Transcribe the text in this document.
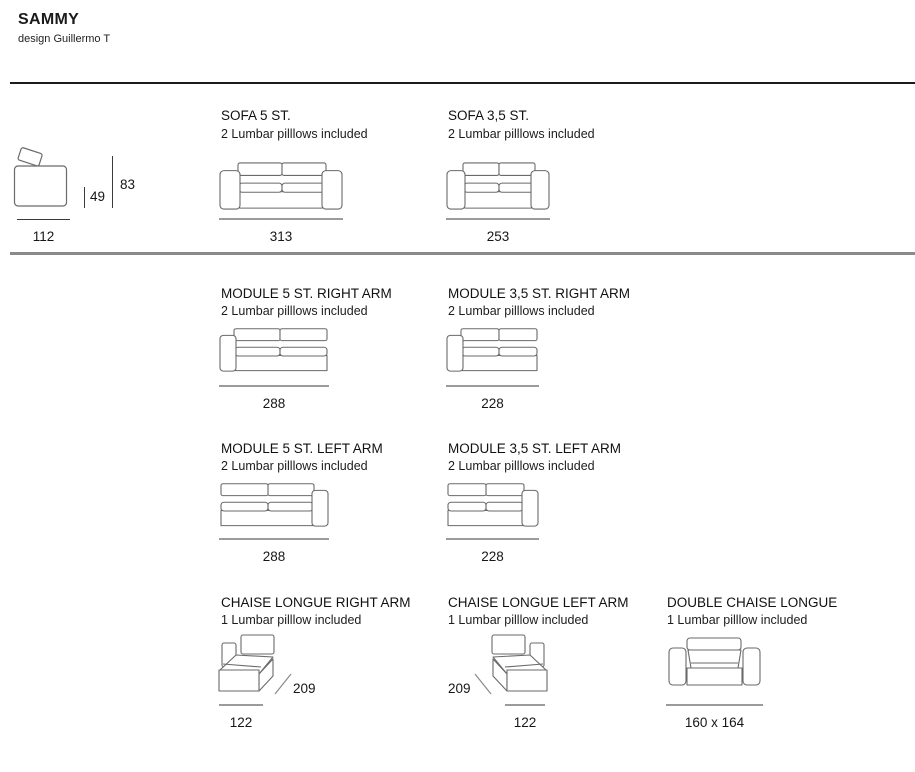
SAMMY
design Guillermo T
49
83
112
SOFA 5 ST.
2 Lumbar pilllows included
313
SOFA 3,5 ST.
2 Lumbar pilllows included
253
MODULE 5 ST. RIGHT ARM
2 Lumbar pilllows included
288
MODULE 3,5 ST. RIGHT ARM
2 Lumbar pilllows included
228
MODULE 5 ST. LEFT ARM
2 Lumbar pilllows included
288
MODULE 3,5 ST. LEFT ARM
2 Lumbar pilllows included
228
CHAISE LONGUE RIGHT ARM
1 Lumbar pilllow included
209
122
CHAISE LONGUE LEFT ARM
1 Lumbar pilllow included
209
122
DOUBLE CHAISE LONGUE
1 Lumbar pilllow included
160 x 164
